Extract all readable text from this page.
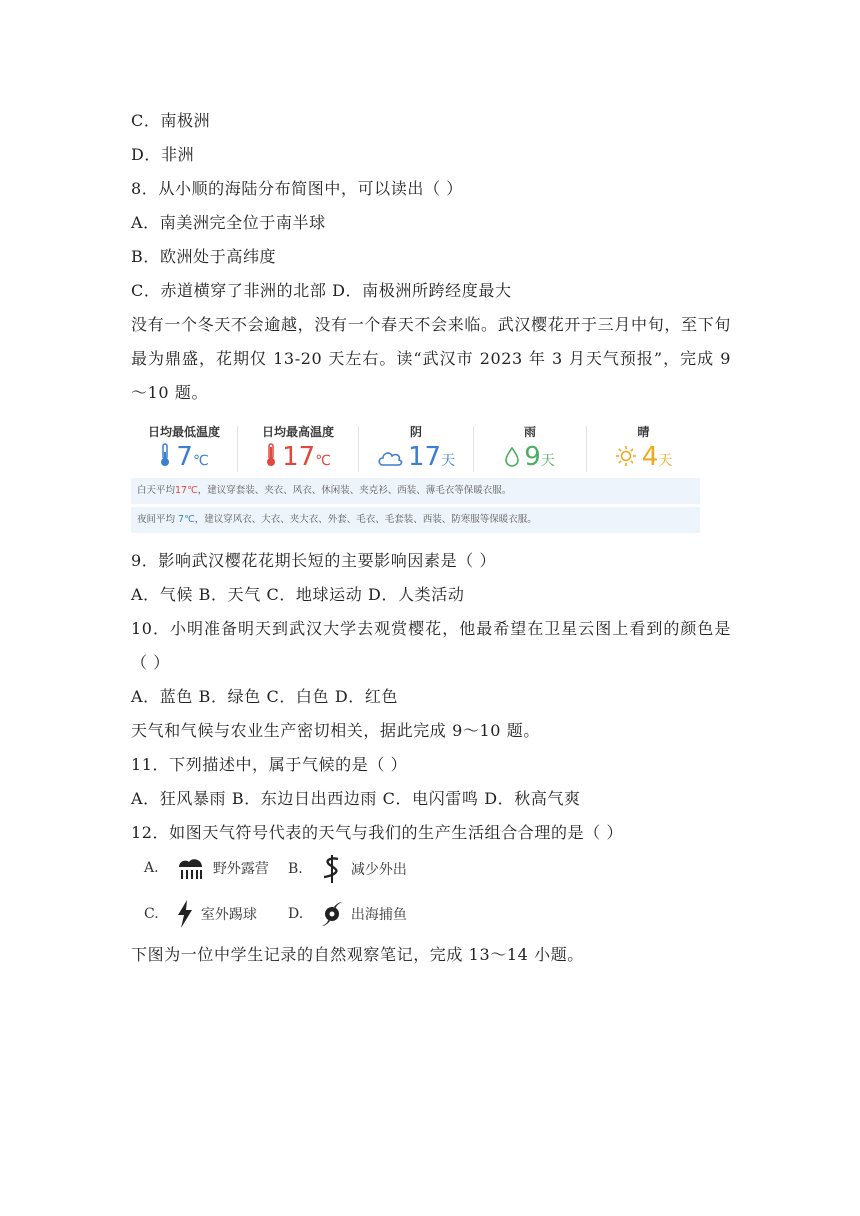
C．南极洲
D．非洲
8．从小顺的海陆分布简图中，可以读出（ ）
A．南美洲完全位于南半球
B．欧洲处于高纬度
C．赤道横穿了非洲的北部 D．南极洲所跨经度最大
没有一个冬天不会逾越，没有一个春天不会来临。武汉樱花开于三月中旬，至下旬最为鼎盛，花期仅 13-20 天左右。读“武汉市 2023 年 3 月天气预报”，完成 9～10 题。
日均最低温度
7℃
日均最高温度
17℃
阴
17天
雨
9天
晴
4天
白天平均17℃，建议穿套装、夹衣、风衣、休闲装、夹克衫、西装、薄毛衣等保暖衣服。
夜间平均 7℃，建议穿风衣、大衣、夹大衣、外套、毛衣、毛套装、西装、防寒服等保暖衣服。
9．影响武汉樱花花期长短的主要影响因素是（ ）
A．气候 B．天气 C．地球运动 D．人类活动
10．小明准备明天到武汉大学去观赏樱花，他最希望在卫星云图上看到的颜色是（ ）
A．蓝色 B．绿色 C．白色 D．红色
天气和气候与农业生产密切相关，据此完成 9～10 题。
11．下列描述中，属于气候的是（ ）
A．狂风暴雨 B．东边日出西边雨 C．电闪雷鸣 D．秋高气爽
12．如图天气符号代表的天气与我们的生产生活组合合理的是（ ）
A.	野外露营 B.	减少外出
C.	室外踢球 D.	出海捕鱼
下图为一位中学生记录的自然观察笔记，完成 13～14 小题。
